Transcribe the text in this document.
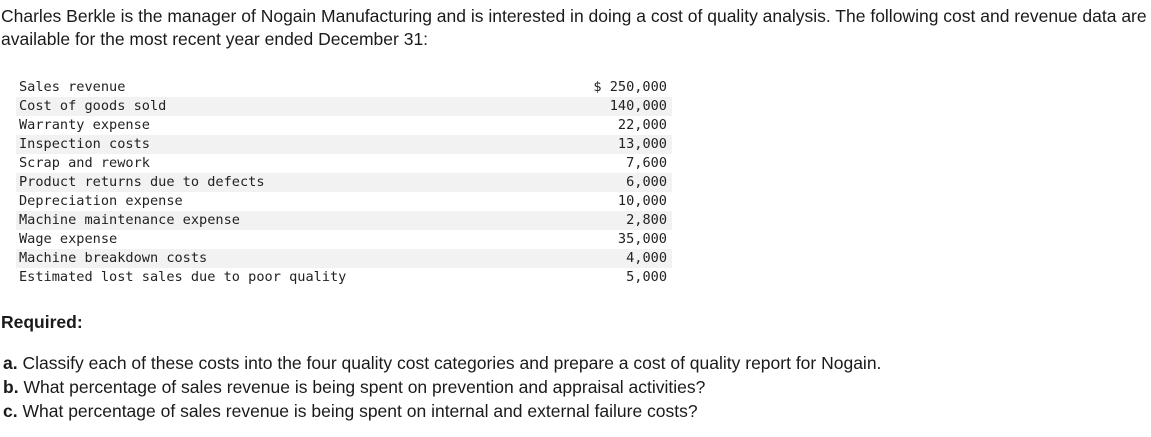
Charles Berkle is the manager of Nogain Manufacturing and is interested in doing a cost of quality analysis. The following cost and revenue data are available for the most recent year ended December 31:

Sales revenue	$ 250,000
Cost of goods sold	140,000
Warranty expense	22,000
Inspection costs	13,000
Scrap and rework	7,600
Product returns due to defects	6,000
Depreciation expense	10,000
Machine maintenance expense	2,800
Wage expense	35,000
Machine breakdown costs	4,000
Estimated lost sales due to poor quality	5,000

Required:

a. Classify each of these costs into the four quality cost categories and prepare a cost of quality report for Nogain.

b. What percentage of sales revenue is being spent on prevention and appraisal activities?

c. What percentage of sales revenue is being spent on internal and external failure costs?
